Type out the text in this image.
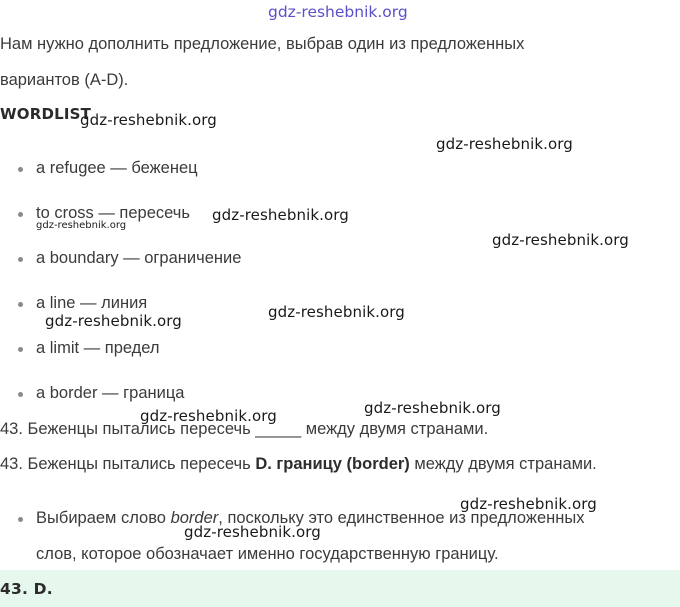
gdz-reshebnik.org
Нам нужно дополнить предложение, выбрав один из предложенных
вариантов (A-D).
WORDLIST
a refugee — беженец
to cross — пересечь
a boundary — ограничение
a line — линия
a limit — предел
a border — граница
43. Беженцы пытались пересечь _____ между двумя странами.
43. Беженцы пытались пересечь D. границу (border) между двумя странами.
Выбираем слово border, поскольку это единственное из предложенных
слов, которое обозначает именно государственную границу.
43. D.
gdz-reshebnik.org
gdz-reshebnik.org
gdz-reshebnik.org
gdz-reshebnik.org
gdz-reshebnik.org
gdz-reshebnik.org
gdz-reshebnik.org
gdz-reshebnik.org
gdz-reshebnik.org
gdz-reshebnik.org
gdz-reshebnik.org
